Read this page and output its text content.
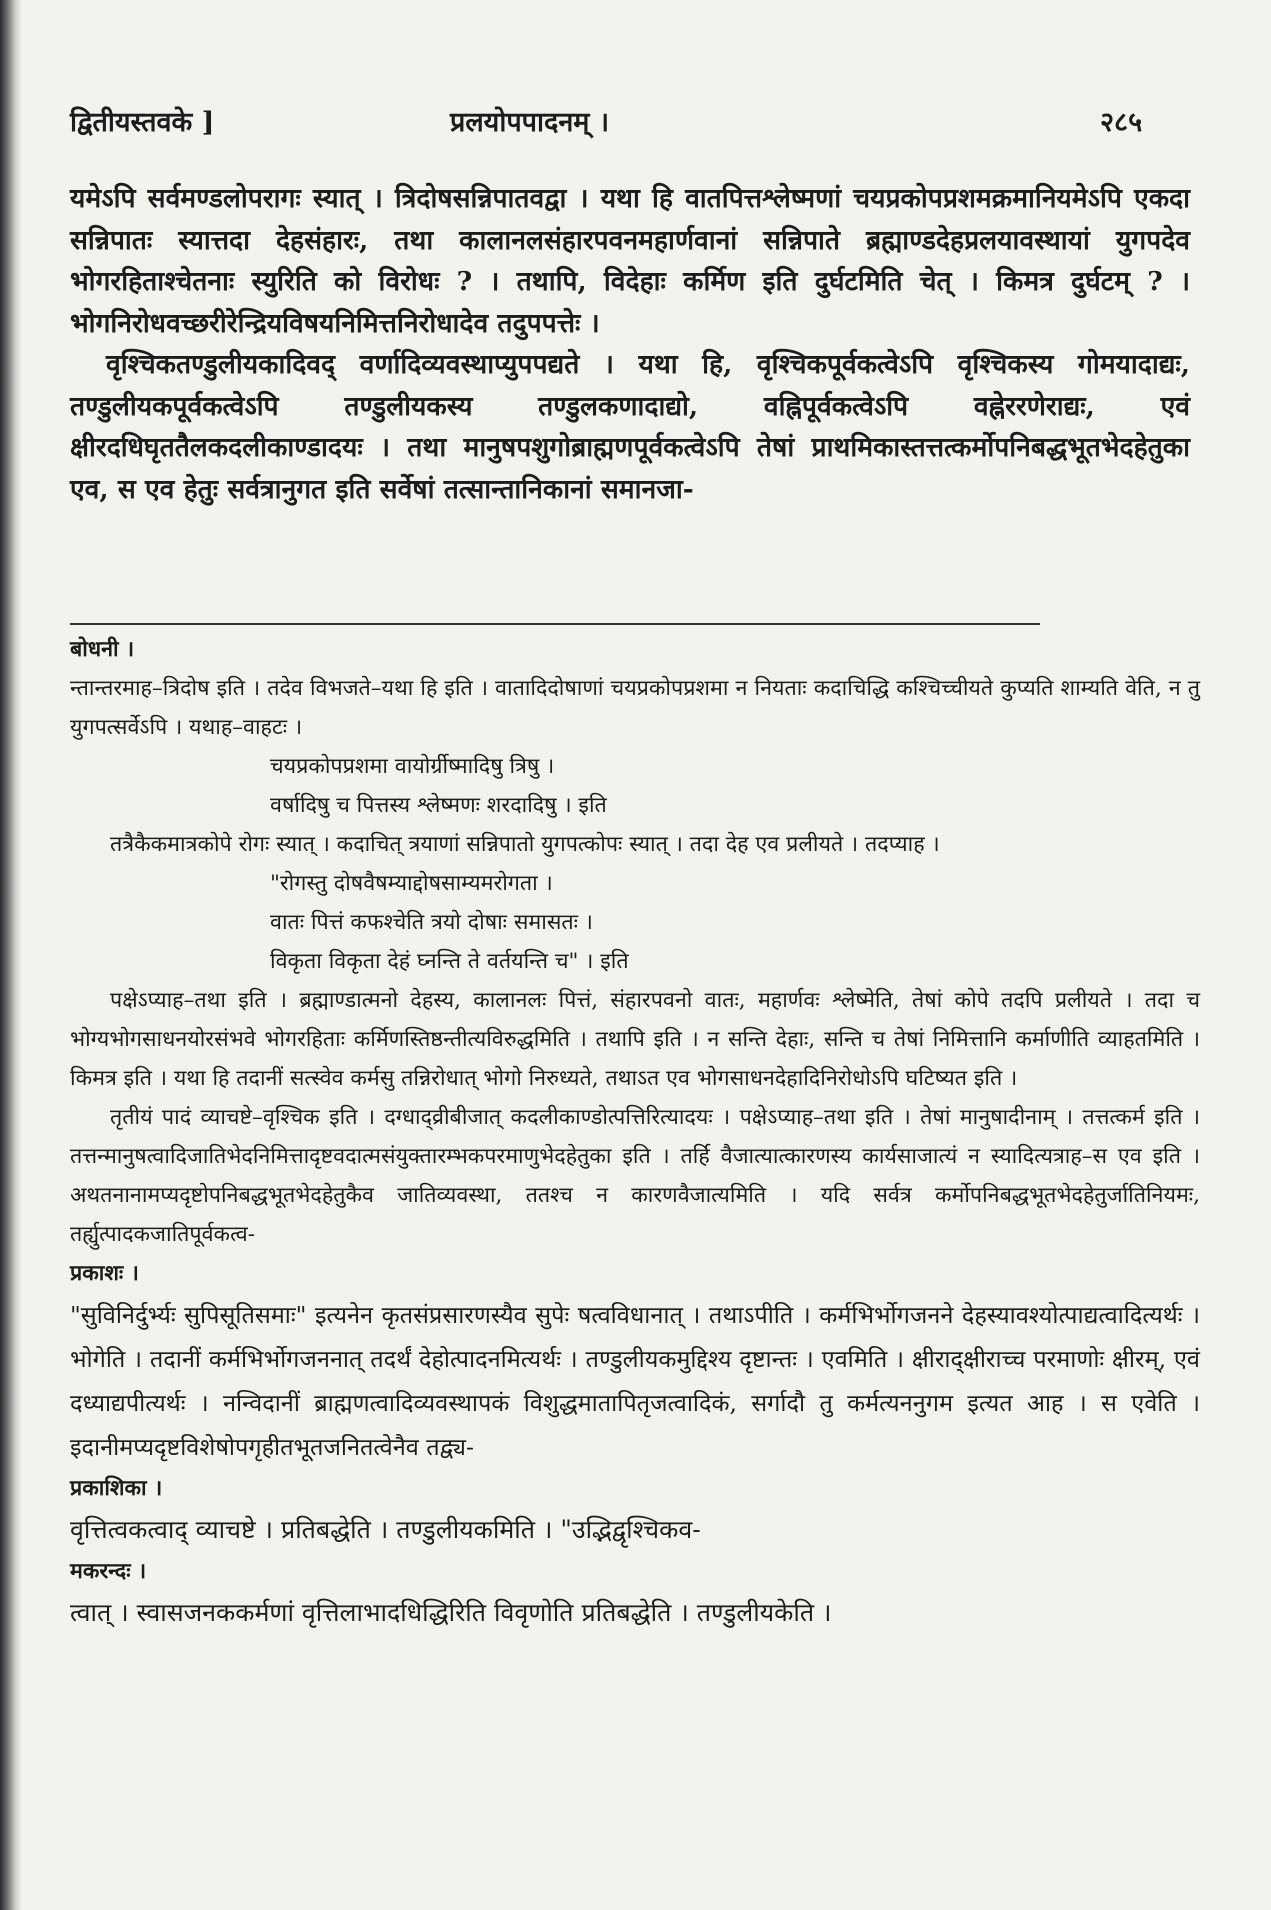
द्वितीयस्तवके ]	प्रलयोपपादनम् ।	२८५

यमेऽपि सर्वमण्डलोपरागः स्यात् । त्रिदोषसन्निपातवद्वा । यथा हि वातपित्तश्लेष्मणां चयप्रकोपप्रशमक्रमानियमेऽपि एकदा सन्निपातः स्यात्तदा देहसंहारः, तथा कालानलसंहारपवनमहार्णवानां सन्निपाते ब्रह्माण्डदेहप्रलयावस्थायां युगपदेव भोगरहिताश्चेतनाः स्युरिति को विरोधः ? । तथापि, विदेहाः कर्मिण इति दुर्घटमिति चेत् । किमत्र दुर्घटम् ? । भोगनिरोधवच्छरीरेन्द्रियविषयनिमित्तनिरोधादेव तदुपपत्तेः ।

वृश्चिकतण्डुलीयकादिवद् वर्णादिव्यवस्थाप्युपपद्यते । यथा हि, वृश्चिकपूर्वकत्वेऽपि वृश्चिकस्य गोमयादाद्यः, तण्डुलीयकपूर्वकत्वेऽपि तण्डुलीयकस्य तण्डुलकणादाद्यो, वह्निपूर्वकत्वेऽपि वह्नेररणेराद्यः, एवं क्षीरदधिघृततैलकदलीकाण्डादयः । तथा मानुषपशुगोब्राह्मणपूर्वकत्वेऽपि तेषां प्राथमिकास्तत्तत्कर्मोपनिबद्धभूतभेदहेतुका एव, स एव हेतुः सर्वत्रानुगत इति सर्वेषां तत्सान्तानिकानां समानजा-

बोधनी ।

न्तान्तरमाह–त्रिदोष इति । तदेव विभजते–यथा हि इति । वातादिदोषाणां चयप्रकोपप्रशमा न नियताः कदाचिद्धि कश्चिच्चीयते कुप्यति शाम्यति वेति, न तु युगपत्सर्वेऽपि । यथाह–वाहटः ।

चयप्रकोपप्रशमा वायोर्ग्रीष्मादिषु त्रिषु ।

वर्षादिषु च पित्तस्य श्लेष्मणः शरदादिषु । इति

तत्रैकैकमात्रकोपे रोगः स्यात् । कदाचित् त्रयाणां सन्निपातो युगपत्कोपः स्यात् । तदा देह एव प्रलीयते । तदप्याह ।

"रोगस्तु दोषवैषम्याद्दोषसाम्यमरोगता ।

वातः पित्तं कफश्चेति त्रयो दोषाः समासतः ।

विकृता विकृता देहं घ्नन्ति ते वर्तयन्ति च" । इति

पक्षेऽप्याह–तथा इति । ब्रह्माण्डात्मनो देहस्य, कालानलः पित्तं, संहारपवनो वातः, महार्णवः श्लेष्मेति, तेषां कोपे तदपि प्रलीयते । तदा च भोग्यभोगसाधनयोरसंभवे भोगरहिताः कर्मिणस्तिष्ठन्तीत्यविरुद्धमिति । तथापि इति । न सन्ति देहाः, सन्ति च तेषां निमित्तानि कर्माणीति व्याहतमिति । किमत्र इति । यथा हि तदानीं सत्स्वेव कर्मसु तन्निरोधात् भोगो निरुध्यते, तथाऽत एव भोगसाधनदेहादिनिरोधोऽपि घटिष्यत इति ।

तृतीयं पादं व्याचष्टे–वृश्चिक इति । दग्धाद्व्रीबीजात् कदलीकाण्डोत्पत्तिरित्यादयः । पक्षेऽप्याह–तथा इति । तेषां मानुषादीनाम् । तत्तत्कर्म इति । तत्तन्मानुषत्वादिजातिभेदनिमित्तादृष्टवदात्मसंयुक्तारम्भकपरमाणुभेदहेतुका इति । तर्हि वैजात्यात्कारणस्य कार्यसाजात्यं न स्यादित्यत्राह–स एव इति । अथतनानामप्यदृष्टोपनिबद्धभूतभेदहेतुकैव जातिव्यवस्था, ततश्च न कारणवैजात्यमिति । यदि सर्वत्र कर्मोपनिबद्धभूतभेदहेतुर्जातिनियमः, तर्ह्युत्पादकजातिपूर्वकत्व-

प्रकाशः ।

"सुविनिर्दुर्भ्यः सुपिसूतिसमाः" इत्यनेन कृतसंप्रसारणस्यैव सुपेः षत्वविधानात् । तथाऽपीति । कर्मभिर्भोगजनने देहस्यावश्योत्पाद्यत्वादित्यर्थः । भोगेति । तदानीं कर्मभिर्भोगजननात् तदर्थं देहोत्पादनमित्यर्थः । तण्डुलीयकमुद्दिश्य दृष्टान्तः । एवमिति । क्षीराद्क्षीराच्च परमाणोः क्षीरम्, एवं दध्याद्यपीत्यर्थः । नन्विदानीं ब्राह्मणत्वादिव्यवस्थापकं विशुद्धमातापितृजत्वादिकं, सर्गादौ तु कर्मत्यननुगम इत्यत आह । स एवेति । इदानीमप्यदृष्टविशेषोपगृहीतभूतजनितत्वेनैव तद्व्य-

प्रकाशिका ।

वृत्तित्वकत्वाद् व्याचष्टे । प्रतिबद्धेति । तण्डुलीयकमिति । "उद्भिद्वृश्चिकव-

मकरन्दः ।

त्वात् । स्वासजनककर्मणां वृत्तिलाभादधिद्धिरिति विवृणोति प्रतिबद्धेति । तण्डुलीयकेति ।
